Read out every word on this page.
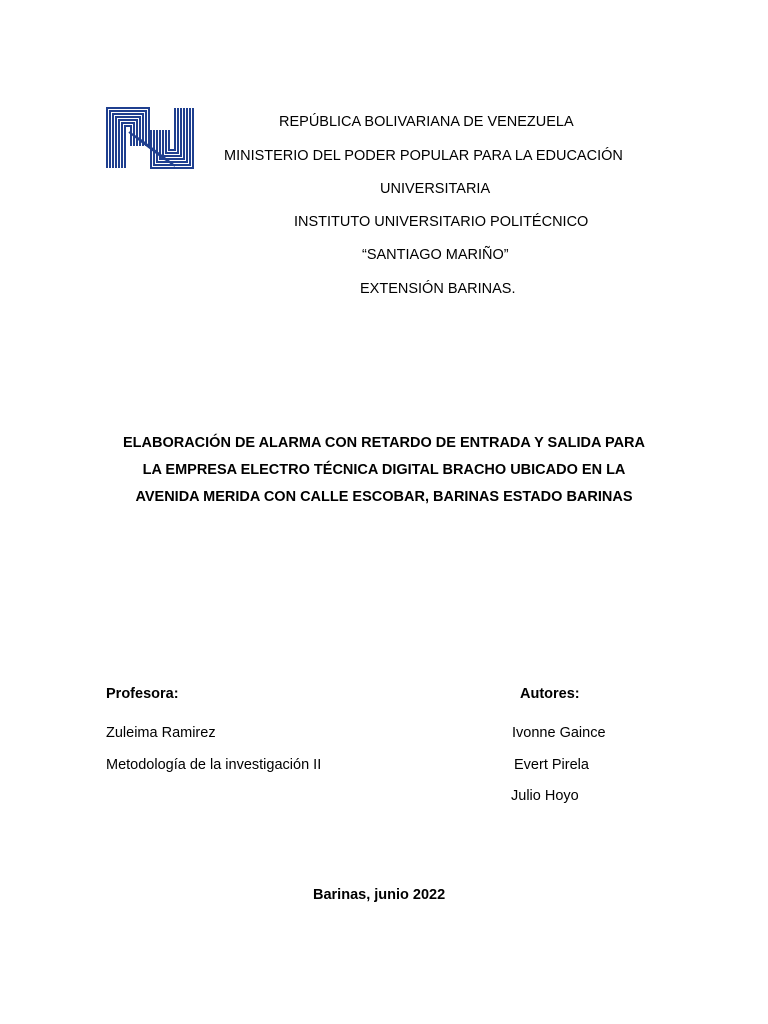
REPÚBLICA BOLIVARIANA DE VENEZUELA
MINISTERIO DEL PODER POPULAR PARA LA EDUCACIÓN
UNIVERSITARIA
INSTITUTO UNIVERSITARIO POLITÉCNICO
“SANTIAGO MARIÑO”
EXTENSIÓN BARINAS.
ELABORACIÓN DE ALARMA CON RETARDO DE ENTRADA Y SALIDA PARA
LA EMPRESA ELECTRO TÉCNICA DIGITAL BRACHO UBICADO EN LA
AVENIDA MERIDA CON CALLE ESCOBAR, BARINAS ESTADO BARINAS
Profesora:
Zuleima Ramirez
Metodología de la investigación II
Autores:
Ivonne Gaince
Evert Pirela
Julio Hoyo
Barinas, junio 2022
